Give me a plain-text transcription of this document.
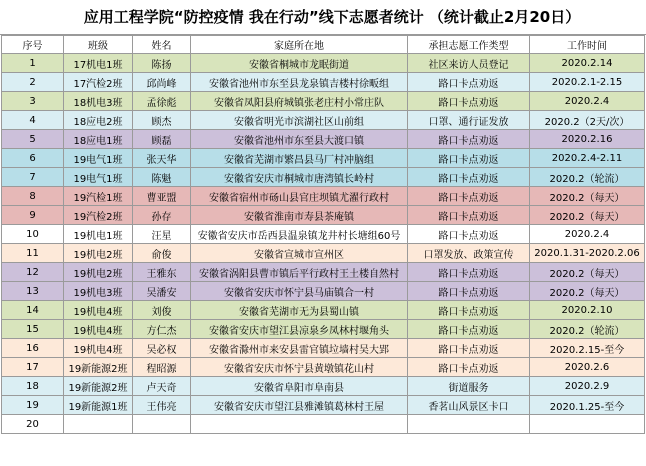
应用工程学院“防控疫情 我在行动”线下志愿者统计 （统计截止2月20日）
序号	班级	姓名	家庭所在地	承担志愿工作类型	工作时间
1	17机电1班	陈扬	安徽省桐城市龙眠街道	社区来访人员登记	2020.2.14
2	17汽检2班	邱尚峰	安徽省池州市东至县龙泉镇吉楼村徐畈组	路口卡点劝返	2020.2.1-2.15
3	18机电3班	孟徐彪	安徽省凤阳县府城镇张老庄村小常庄队	路口卡点劝返	2020.2.4
4	18应电2班	顾杰	安徽省明光市滨湖社区山前组	口罩、通行证发放	2020.2（2天/次）
5	18应电1班	顾磊	安徽省池州市东至县大渡口镇	路口卡点劝返	2020.2.16
6	19电气1班	张天华	安徽省芜湖市繁昌县马厂村冲脑组	路口卡点劝返	2020.2.4-2.11
7	19电气1班	陈魁	安徽省安庆市桐城市唐湾镇长岭村	路口卡点劝返	2020.2（轮流）
8	19汽检1班	曹亚盟	安徽省宿州市砀山县官庄坝镇尤濯行政村	路口卡点劝返	2020.2（每天）
9	19汽检2班	孙存	安徽省淮南市寿县茶庵镇	路口卡点劝返	2020.2（每天）
10	19机电1班	汪星	安徽省安庆市岳西县温泉镇龙井村长塘组60号	路口卡点劝返	2020.2.4
11	19机电2班	俞俊	安徽省宣城市宣州区	口罩发放、政策宣传	2020.1.31-2020.2.06
12	19机电2班	王雅东	安徽省涡阳县曹市镇后平行政村王土楼自然村	路口卡点劝返	2020.2（每天）
13	19机电3班	吴潘安	安徽省安庆市怀宁县马庙镇合一村	路口卡点劝返	2020.2（每天）
14	19机电4班	刘俊	安徽省芜湖市无为县蜀山镇	路口卡点劝返	2020.2.10
15	19机电4班	方仁杰	安徽省安庆市望江县凉泉乡凤林村堰角头	路口卡点劝返	2020.2（轮流）
16	19机电4班	吴必权	安徽省滁州市来安县雷官镇垃墙村吴大郢	路口卡点劝返	2020.2.15-至今
17	19新能源2班	程昭源	安徽省安庆市怀宁县黄墩镇花山村	路口卡点劝返	2020.2.6
18	19新能源2班	卢天奇	安徽省阜阳市阜南县	街道服务	2020.2.9
19	19新能源1班	王伟亮	安徽省安庆市望江县雅滩镇葛林村王屋	香茗山风景区卡口	2020.1.25-至今
20					
